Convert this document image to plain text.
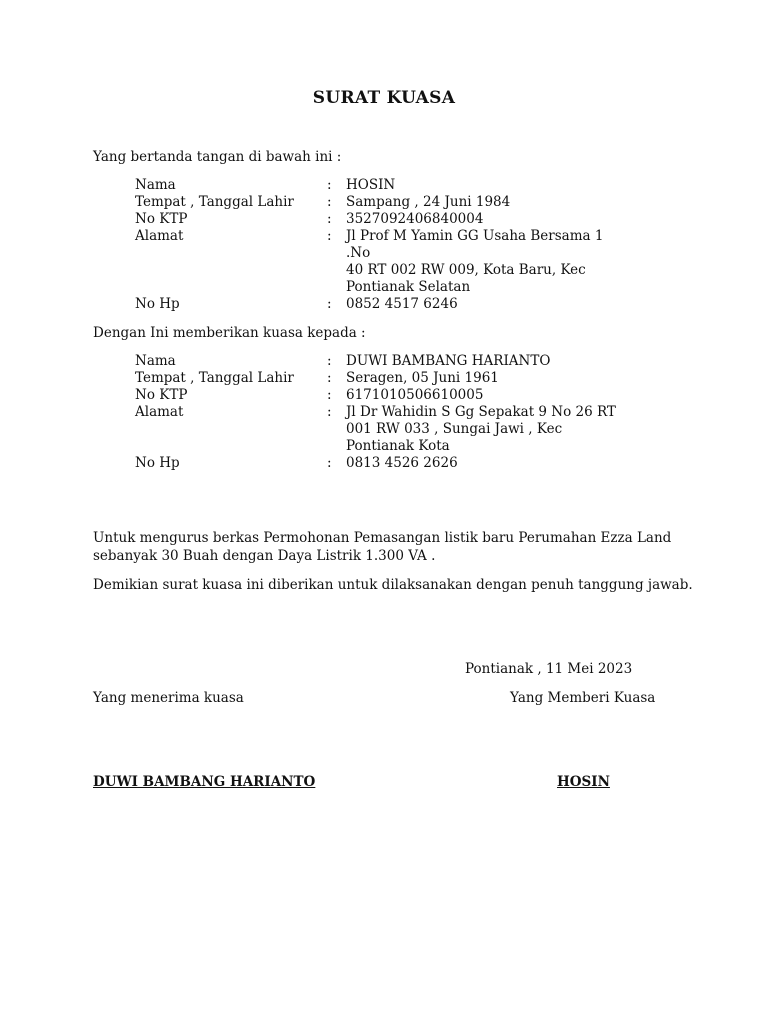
SURAT KUASA
Yang bertanda tangan di bawah ini :
Nama	:	HOSIN
Tempat , Tanggal Lahir	:	Sampang , 24 Juni 1984
No KTP	:	3527092406840004
Alamat	:	Jl Prof M Yamin GG Usaha Bersama 1 .No
40 RT 002 RW 009, Kota Baru, Kec
Pontianak Selatan

No Hp	:	0852 4517 6246
Dengan Ini memberikan kuasa kepada :
Nama	:	DUWI BAMBANG HARIANTO
Tempat , Tanggal Lahir	:	Seragen, 05 Juni 1961
No KTP	:	6171010506610005
Alamat	:	Jl Dr Wahidin S Gg Sepakat 9 No 26 RT
001 RW 033 , Sungai Jawi , Kec
Pontianak Kota

No Hp	:	0813 4526 2626
Untuk mengurus berkas Permohonan Pemasangan listik baru Perumahan Ezza Land
sebanyak 30 Buah dengan Daya Listrik 1.300 VA .
Demikian surat kuasa ini diberikan untuk dilaksanakan dengan penuh tanggung jawab.
Pontianak , 11 Mei 2023
Yang menerima kuasa	Yang Memberi Kuasa
DUWI BAMBANG HARIANTO	HOSIN
